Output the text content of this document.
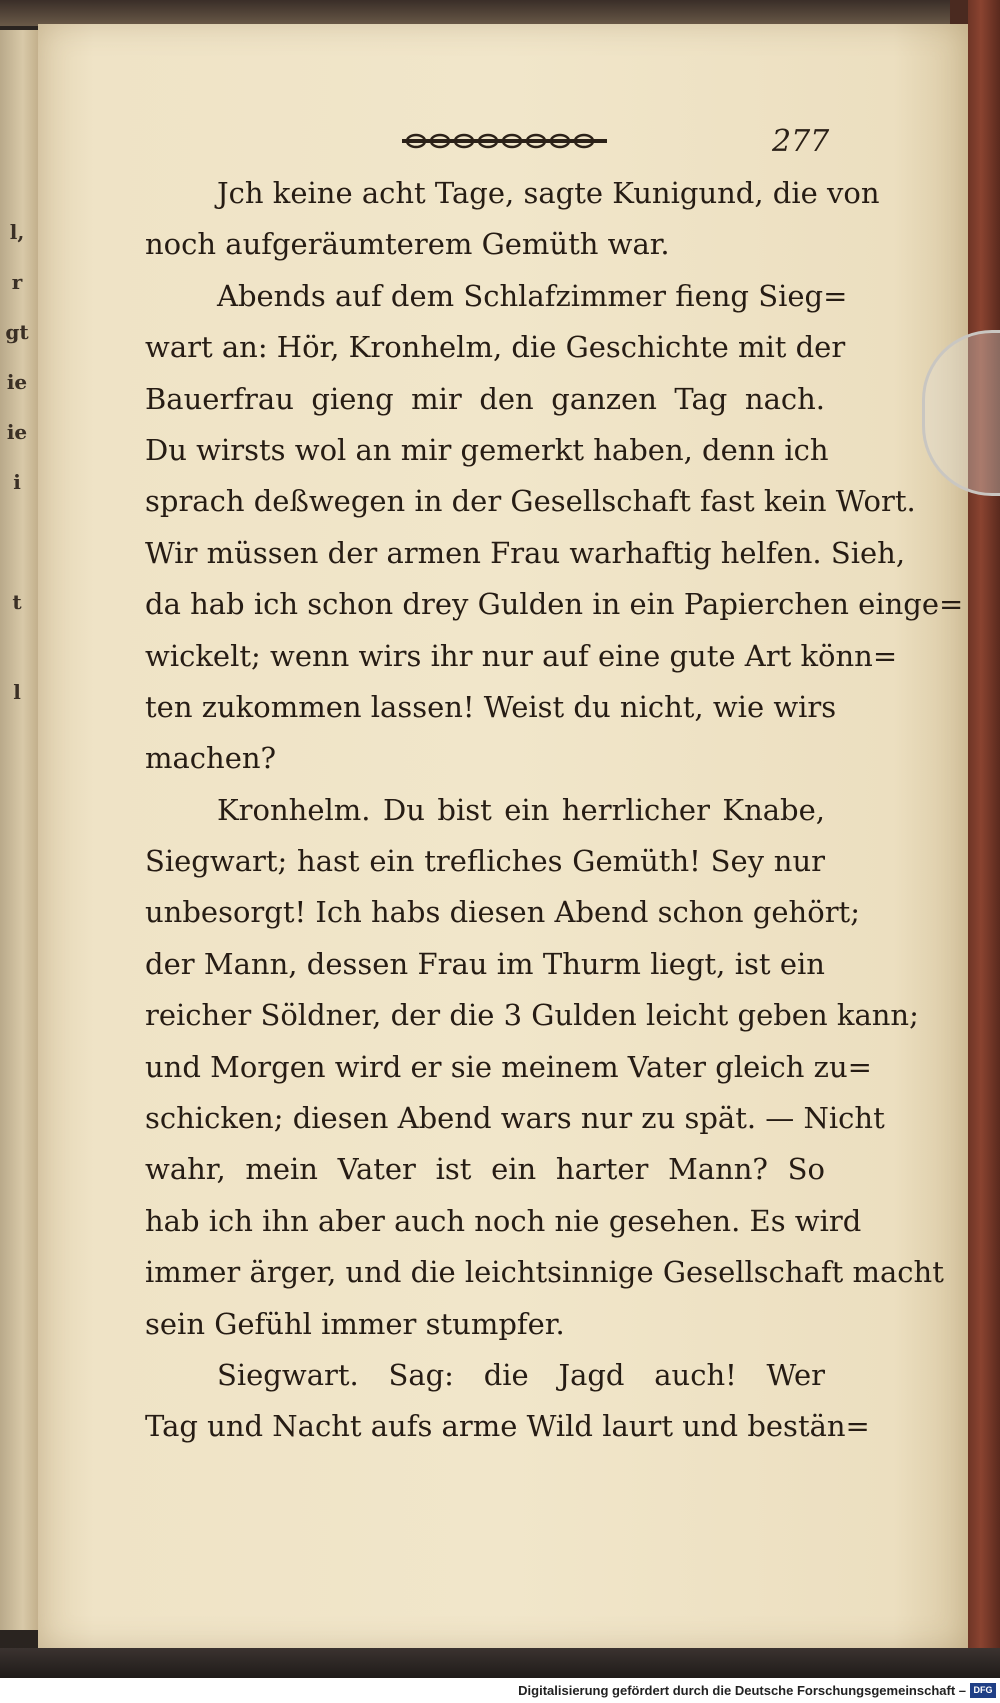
l,
r
gt
ie
ie
i
t
l
277
Jch keine acht Tage, sagte Kunigund, die von
noch aufgeräumterem Gemüth war.
Abends auf dem Schlafzimmer fieng Sieg=
wart an: Hör, Kronhelm, die Geschichte mit der
Bauerfrau gieng mir den ganzen Tag nach.
Du wirsts wol an mir gemerkt haben, denn ich
sprach deßwegen in der Gesellschaft fast kein Wort.
Wir müssen der armen Frau warhaftig helfen. Sieh,
da hab ich schon drey Gulden in ein Papierchen einge=
wickelt; wenn wirs ihr nur auf eine gute Art könn=
ten zukommen lassen! Weist du nicht, wie wirs
machen?
Kronhelm. Du bist ein herrlicher Knabe,
Siegwart; hast ein trefliches Gemüth! Sey nur
unbesorgt! Ich habs diesen Abend schon gehört;
der Mann, dessen Frau im Thurm liegt, ist ein
reicher Söldner, der die 3 Gulden leicht geben kann;
und Morgen wird er sie meinem Vater gleich zu=
schicken; diesen Abend wars nur zu spät. — Nicht
wahr, mein Vater ist ein harter Mann? So
hab ich ihn aber auch noch nie gesehen. Es wird
immer ärger, und die leichtsinnige Gesellschaft macht
sein Gefühl immer stumpfer.
Siegwart. Sag: die Jagd auch! Wer
Tag und Nacht aufs arme Wild laurt und bestän=
Digitalisierung gefördert durch die Deutsche Forschungsgemeinschaft – DFG
